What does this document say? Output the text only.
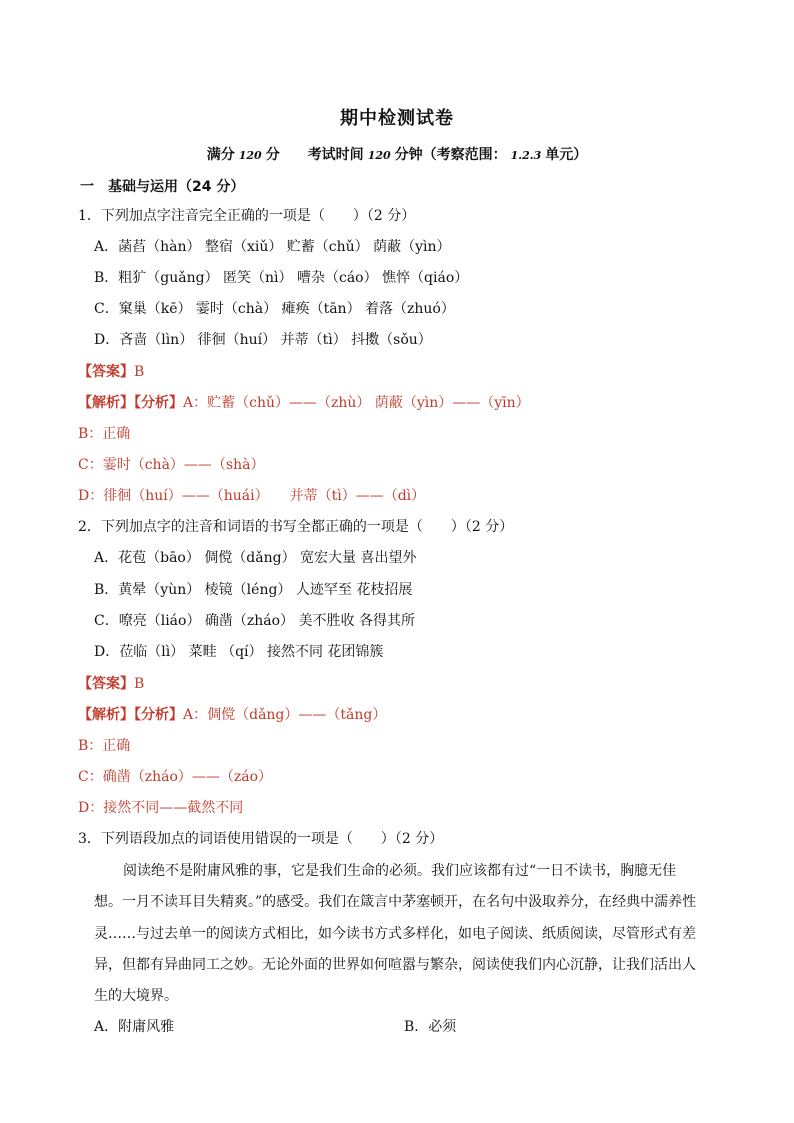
期中检测试卷
满分 120 分　　 考试时间 120 分钟（考察范围： 1.2.3 单元）
一　基础与运用（24 分）
1．下列加点字注音完全正确的一项是（　　）（2 分）
A．菡萏（hàn） 整宿（xiǔ） 贮蓄（chǔ） 荫蔽（yìn）
B．粗犷（guǎng） 匿笑（nì） 嘈杂（cáo） 憔悴（qiáo）
C．窠巢（kē） 霎时（chà） 瘫痪（tān） 着落（zhuó）
D．吝啬（lìn） 徘徊（huí） 并蒂（tì） 抖擞（sǒu）
【答案】B
【解析】【分析】A：贮蓄（chǔ）——（zhù） 荫蔽（yìn）——（yīn）
B：正确
C：霎时（chà）——（shà）
D：徘徊（huí）——（huái）　　并蒂（tì）——（dì）
2．下列加点字的注音和词语的书写全都正确的一项是（　　）（2 分）
A．花苞（bāo） 倜傥（dǎng） 宽宏大量 喜出望外
B．黄晕（yùn） 棱镜（léng） 人迹罕至 花枝招展
C．嘹亮（liáo） 确凿（zháo） 美不胜收 各得其所
D．莅临（lì） 菜畦 （qí） 接然不同 花团锦簇
【答案】B
【解析】【分析】A：倜傥（dǎng）——（tǎng）
B：正确
C：确凿（zháo）——（záo）
D：接然不同——截然不同
3．下列语段加点的词语使用错误的一项是（　　）（2 分）
阅读绝不是附庸风雅的事，它是我们生命的必须。我们应该都有过“一日不读书，胸臆无佳
想。一月不读耳目失精爽。”的感受。我们在箴言中茅塞顿开，在名句中汲取养分，在经典中濡养性
灵……与过去单一的阅读方式相比，如今读书方式多样化，如电子阅读、纸质阅读，尽管形式有差
异，但都有异曲同工之妙。无论外面的世界如何喧嚣与繁杂，阅读使我们内心沉静，让我们活出人
生的大境界。
A．附庸风雅	B．必须
